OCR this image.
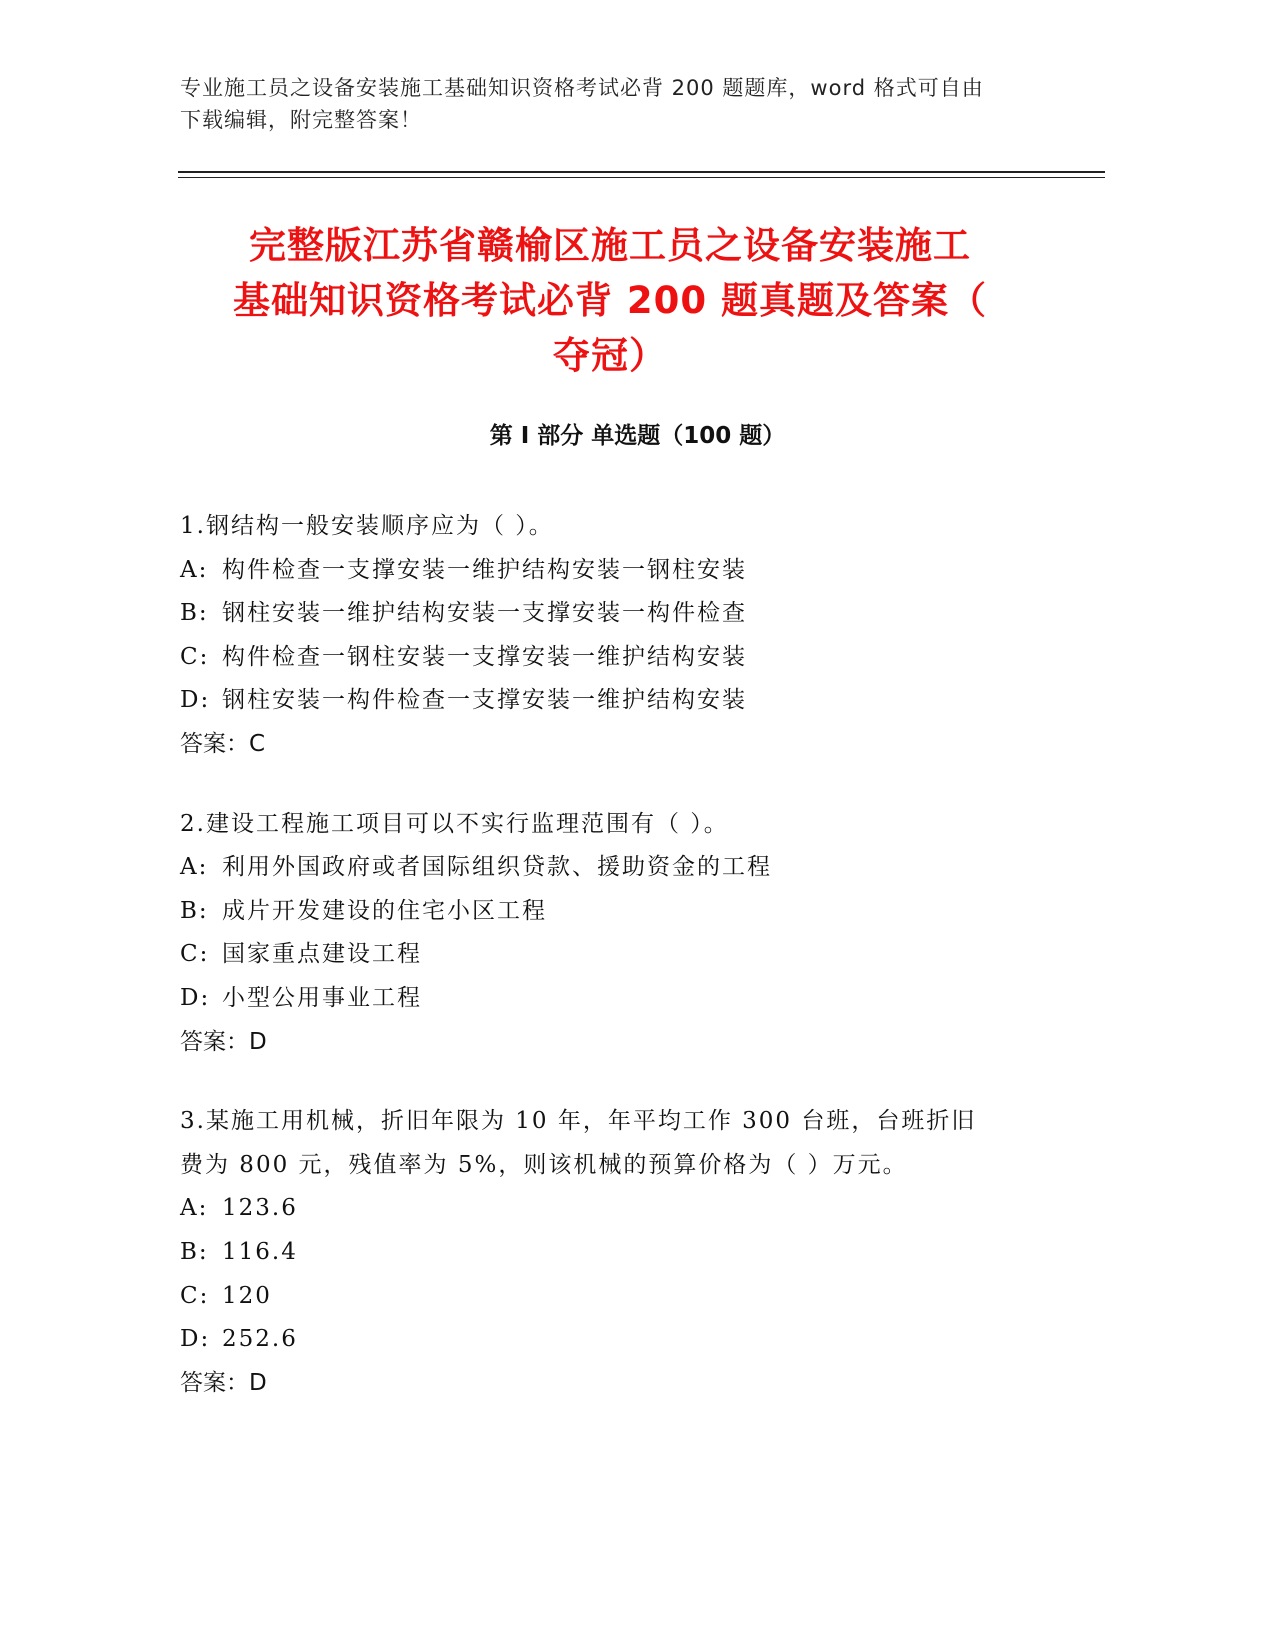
专业施工员之设备安装施工基础知识资格考试必背 200 题题库，word 格式可自由
下载编辑，附完整答案！
完整版江苏省赣榆区施工员之设备安装施工
基础知识资格考试必背 200 题真题及答案（
夺冠）
第 I 部分 单选题（100 题）

1.钢结构一般安装顺序应为（ ）。

A: 构件检查一支撑安装一维护结构安装一钢柱安装
B: 钢柱安装一维护结构安装一支撑安装一构件检查
C: 构件检查一钢柱安装一支撑安装一维护结构安装
D: 钢柱安装一构件检查一支撑安装一维护结构安装

答案：C

2.建设工程施工项目可以不实行监理范围有（ ）。

A: 利用外国政府或者国际组织贷款、援助资金的工程
B: 成片开发建设的住宅小区工程
C: 国家重点建设工程
D: 小型公用事业工程

答案：D

3.某施工用机械，折旧年限为 10 年，年平均工作 300 台班，台班折旧

费为 800 元，残值率为 5%，则该机械的预算价格为（ ）万元。

A: 123.6
B: 116.4
C: 120
D: 252.6

答案：D
